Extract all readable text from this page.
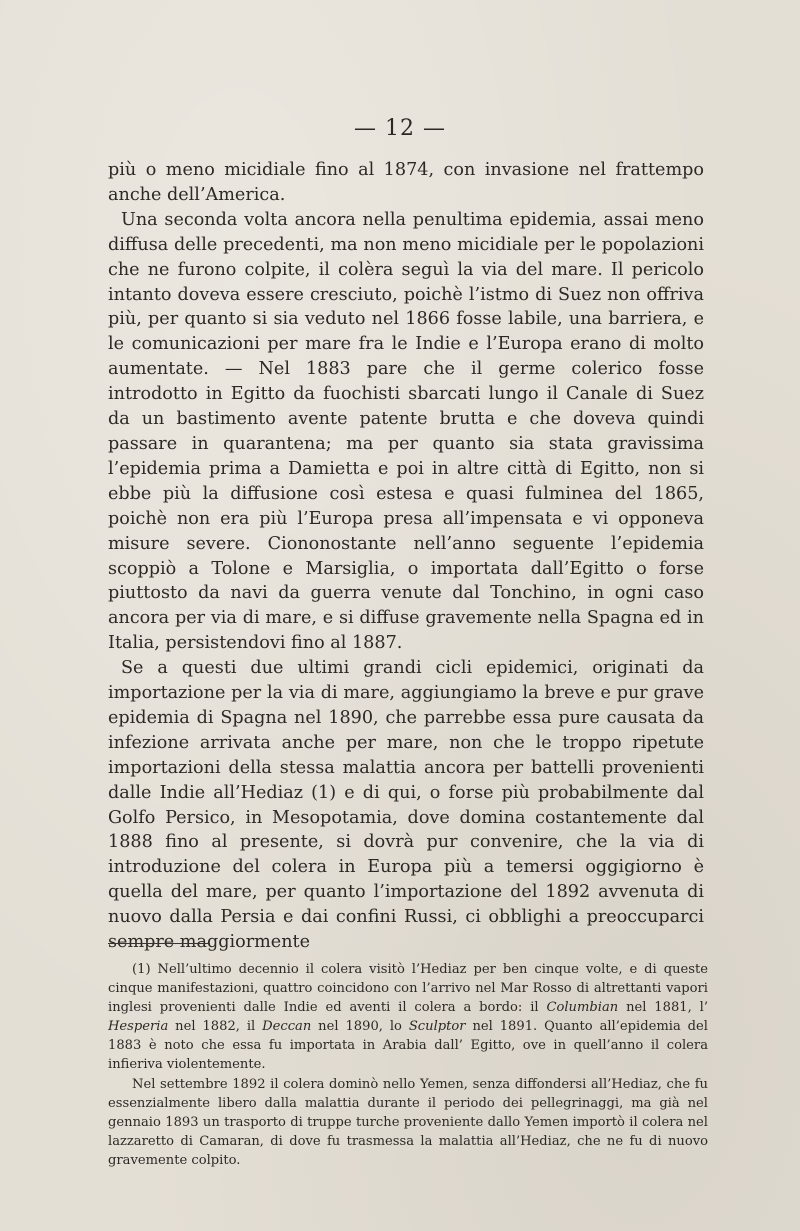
— 12 —

più o meno micidiale fino al 1874, con invasione nel frattempo anche dell’America.

Una seconda volta ancora nella penultima epidemia, assai meno diffusa delle precedenti, ma non meno micidiale per le popolazioni che ne furono colpite, il colèra seguì la via del mare. Il pericolo intanto doveva essere cresciuto, poichè l’istmo di Suez non offriva più, per quanto si sia veduto nel 1866 fosse labile, una barriera, e le comunicazioni per mare fra le Indie e l’Europa erano di molto aumentate. — Nel 1883 pare che il germe colerico fosse introdotto in Egitto da fuochisti sbarcati lungo il Canale di Suez da un bastimento avente patente brutta e che doveva quindi passare in quarantena; ma per quanto sia stata gravissima l’epidemia prima a Damietta e poi in altre città di Egitto, non si ebbe più la diffusione così estesa e quasi fulminea del 1865, poichè non era più l’Europa presa all’impensata e vi opponeva misure severe. Ciononostante nell’anno seguente l’epidemia scoppiò a Tolone e Marsiglia, o importata dall’Egitto o forse piuttosto da navi da guerra venute dal Tonchino, in ogni caso ancora per via di mare, e si diffuse gravemente nella Spagna ed in Italia, persistendovi fino al 1887.

Se a questi due ultimi grandi cicli epidemici, originati da importazione per la via di mare, aggiungiamo la breve e pur grave epidemia di Spagna nel 1890, che parrebbe essa pure causata da infezione arrivata anche per mare, non che le troppo ripetute importazioni della stessa malattia ancora per battelli provenienti dalle Indie all’Hediaz (1) e di qui, o forse più probabilmente dal Golfo Persico, in Mesopotamia, dove domina costantemente dal 1888 fino al presente, si dovrà pur convenire, che la via di introduzione del colera in Europa più a temersi oggigiorno è quella del mare, per quanto l’importazione del 1892 avvenuta di nuovo dalla Persia e dai confini Russi, ci obblighi a preoccuparci sempre maggiormente

(1) Nell’ultimo decennio il colera visitò l’Hediaz per ben cinque volte, e di queste cinque manifestazioni, quattro coincidono con l’arrivo nel Mar Rosso di altrettanti vapori inglesi provenienti dalle Indie ed aventi il colera a bordo: il Columbian nel 1881, l’ Hesperia nel 1882, il Deccan nel 1890, lo Sculptor nel 1891. Quanto all’epidemia del 1883 è noto che essa fu importata in Arabia dall’ Egitto, ove in quell’anno il colera infieriva violentemente.

Nel settembre 1892 il colera dominò nello Yemen, senza diffondersi all’Hediaz, che fu essenzialmente libero dalla malattia durante il periodo dei pellegrinaggi, ma già nel gennaio 1893 un trasporto di truppe turche proveniente dallo Yemen importò il colera nel lazzaretto di Camaran, di dove fu trasmessa la malattia all’Hediaz, che ne fu di nuovo gravemente colpito.
